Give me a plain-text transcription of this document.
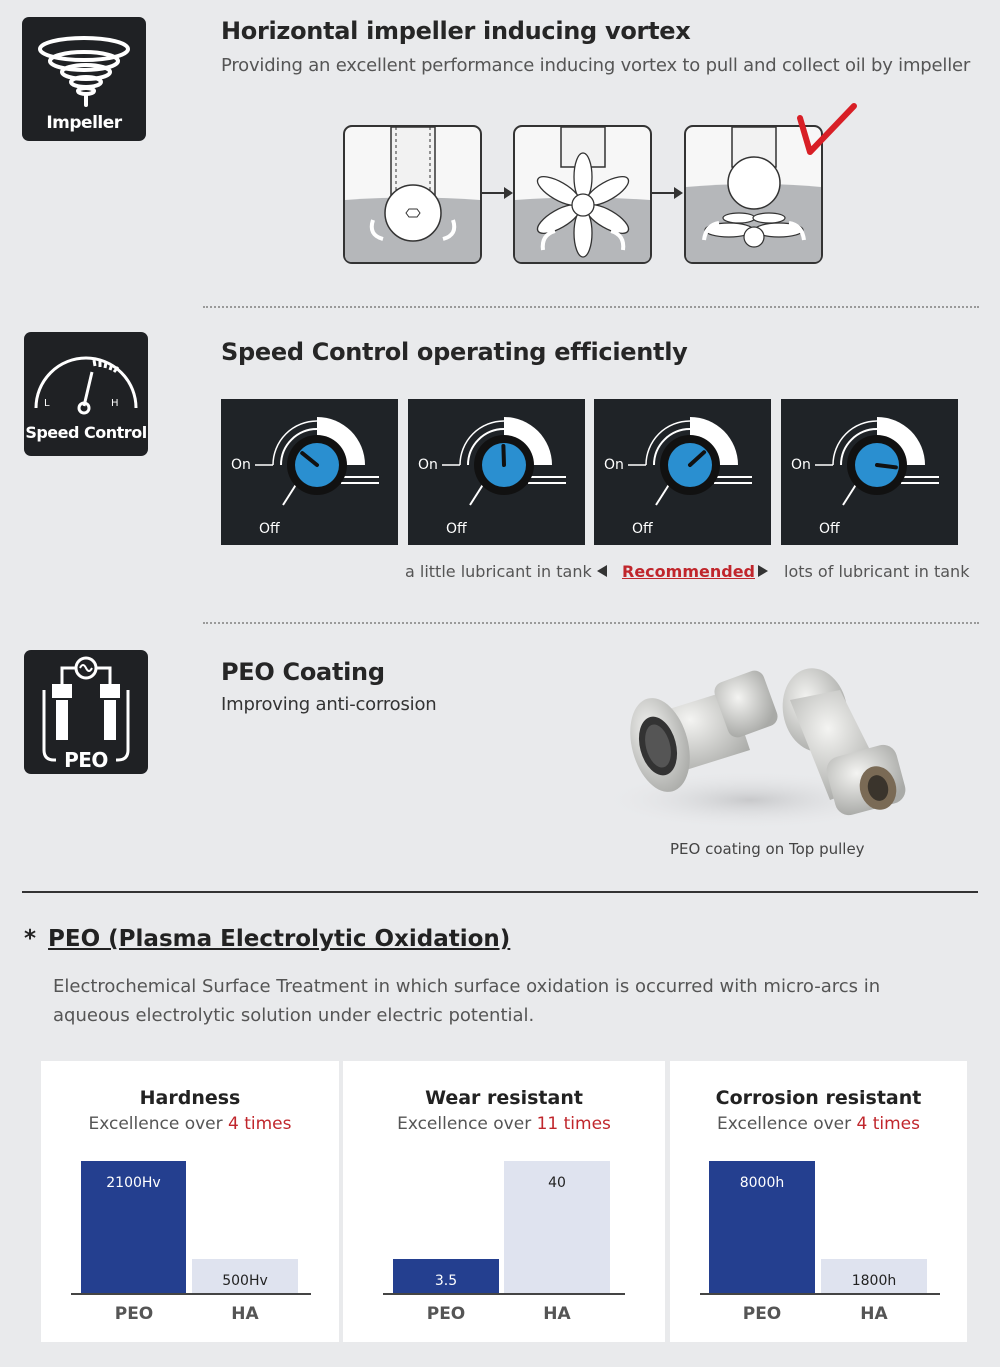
Impeller
Horizontal impeller inducing vortex

Providing an excellent performance inducing vortex to pull and collect oil by impeller

L	H
Speed Control
Speed Control operating efficiently
On
Off
On
Off
On
Off
On
Off
a little lubricant in tank Recommended lots of lubricant in tank
PEO
PEO Coating

Improving anti-corrosion

PEO coating on Top pulley
* PEO (Plasma Electrolytic Oxidation)

Electrochemical Surface Treatment in which surface oxidation is occurred with micro-arcs in aqueous electrolytic solution under electric potential.

Hardness
Excellence over 4 times
2100Hv
PEO
500Hv
HA
Wear resistant
Excellence over 11 times
3.5
PEO
40
HA
Corrosion resistant
Excellence over 4 times
8000h
PEO
1800h
HA
